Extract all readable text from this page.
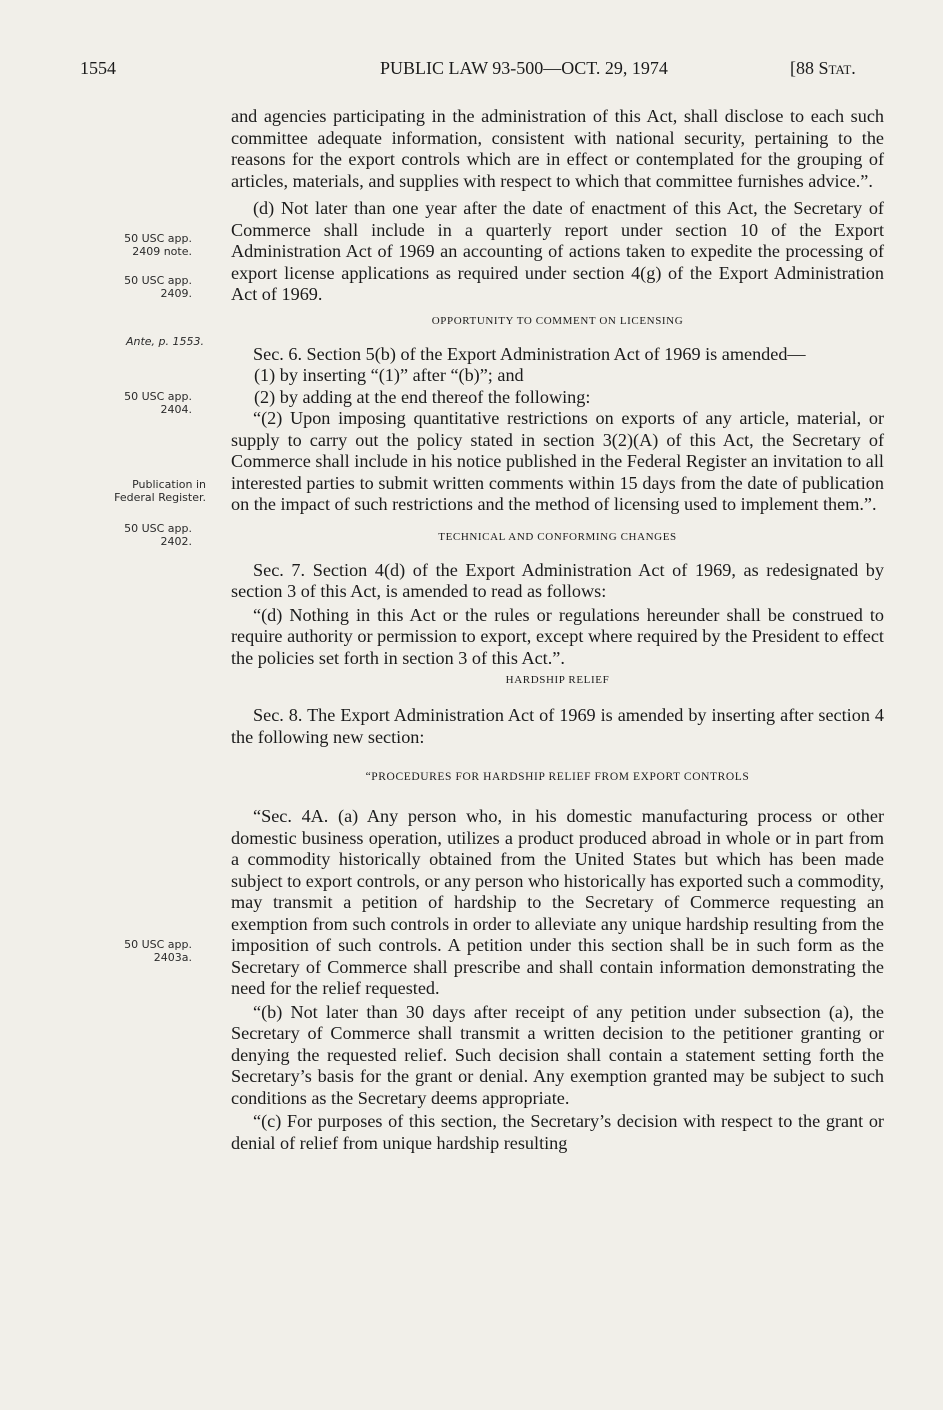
1554	PUBLIC LAW 93-500—OCT. 29, 1974	[88 Stat.
50 USC app.
2409 note.
50 USC app.
2409.
Ante, p. 1553.
50 USC app.
2404.
Publication in
Federal Register.
50 USC app.
2402.
50 USC app.
2403a.

and agencies participating in the administration of this Act, shall disclose to each such committee adequate information, consistent with national security, pertaining to the reasons for the export controls which are in effect or contemplated for the grouping of articles, materials, and supplies with respect to which that committee furnishes advice.”.

(d) Not later than one year after the date of enactment of this Act, the Secretary of Commerce shall include in a quarterly report under section 10 of the Export Administration Act of 1969 an accounting of actions taken to expedite the processing of export license applications as required under section 4(g) of the Export Administration Act of 1969.

OPPORTUNITY TO COMMENT ON LICENSING

Sec. 6. Section 5(b) of the Export Administration Act of 1969 is amended—

(1) by inserting “(1)” after “(b)”; and

(2) by adding at the end thereof the following:

“(2) Upon imposing quantitative restrictions on exports of any article, material, or supply to carry out the policy stated in section 3(2)(A) of this Act, the Secretary of Commerce shall include in his notice published in the Federal Register an invitation to all interested parties to submit written comments within 15 days from the date of publication on the impact of such restrictions and the method of licensing used to implement them.”.

TECHNICAL AND CONFORMING CHANGES

Sec. 7. Section 4(d) of the Export Administration Act of 1969, as redesignated by section 3 of this Act, is amended to read as follows:

“(d) Nothing in this Act or the rules or regulations hereunder shall be construed to require authority or permission to export, except where required by the President to effect the policies set forth in section 3 of this Act.”.

HARDSHIP RELIEF

Sec. 8. The Export Administration Act of 1969 is amended by inserting after section 4 the following new section:

“PROCEDURES FOR HARDSHIP RELIEF FROM EXPORT CONTROLS

“Sec. 4A. (a) Any person who, in his domestic manufacturing process or other domestic business operation, utilizes a product produced abroad in whole or in part from a commodity historically obtained from the United States but which has been made subject to export controls, or any person who historically has exported such a commodity, may transmit a petition of hardship to the Secretary of Commerce requesting an exemption from such controls in order to alleviate any unique hardship resulting from the imposition of such controls. A petition under this section shall be in such form as the Secretary of Commerce shall prescribe and shall contain information demonstrating the need for the relief requested.

“(b) Not later than 30 days after receipt of any petition under subsection (a), the Secretary of Commerce shall transmit a written decision to the petitioner granting or denying the requested relief. Such decision shall contain a statement setting forth the Secretary’s basis for the grant or denial. Any exemption granted may be subject to such conditions as the Secretary deems appropriate.

“(c) For purposes of this section, the Secretary’s decision with respect to the grant or denial of relief from unique hardship resulting
